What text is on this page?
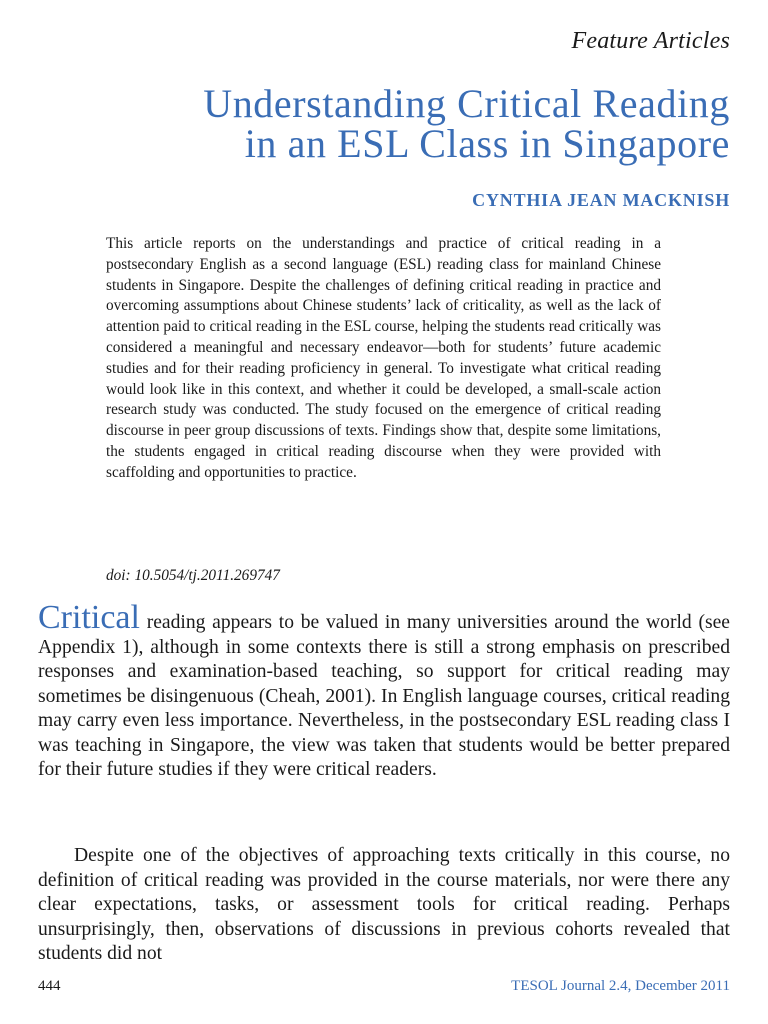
Feature Articles
Understanding Critical Reading
in an ESL Class in Singapore
CYNTHIA JEAN MACKNISH

This article reports on the understandings and practice of critical reading in a postsecondary English as a second language (ESL) reading class for mainland Chinese students in Singapore. Despite the challenges of defining critical reading in practice and overcoming assumptions about Chinese students’ lack of criticality, as well as the lack of attention paid to critical reading in the ESL course, helping the students read critically was considered a meaningful and necessary endeavor—both for students’ future academic studies and for their reading proficiency in general. To investigate what critical reading would look like in this context, and whether it could be developed, a small-scale action research study was conducted. The study focused on the emergence of critical reading discourse in peer group discussions of texts. Findings show that, despite some limitations, the students engaged in critical reading discourse when they were provided with scaffolding and opportunities to practice.

doi: 10.5054/tj.2011.269747

Critical reading appears to be valued in many universities around the world (see Appendix 1), although in some contexts there is still a strong emphasis on prescribed responses and examination-based teaching, so support for critical reading may sometimes be disingenuous (Cheah, 2001). In English language courses, critical reading may carry even less importance. Nevertheless, in the postsecondary ESL reading class I was teaching in Singapore, the view was taken that students would be better prepared for their future studies if they were critical readers.

Despite one of the objectives of approaching texts critically in this course, no definition of critical reading was provided in the course materials, nor were there any clear expectations, tasks, or assessment tools for critical reading. Perhaps unsurprisingly, then, observations of discussions in previous cohorts revealed that students did not

444	TESOL Journal 2.4, December 2011
